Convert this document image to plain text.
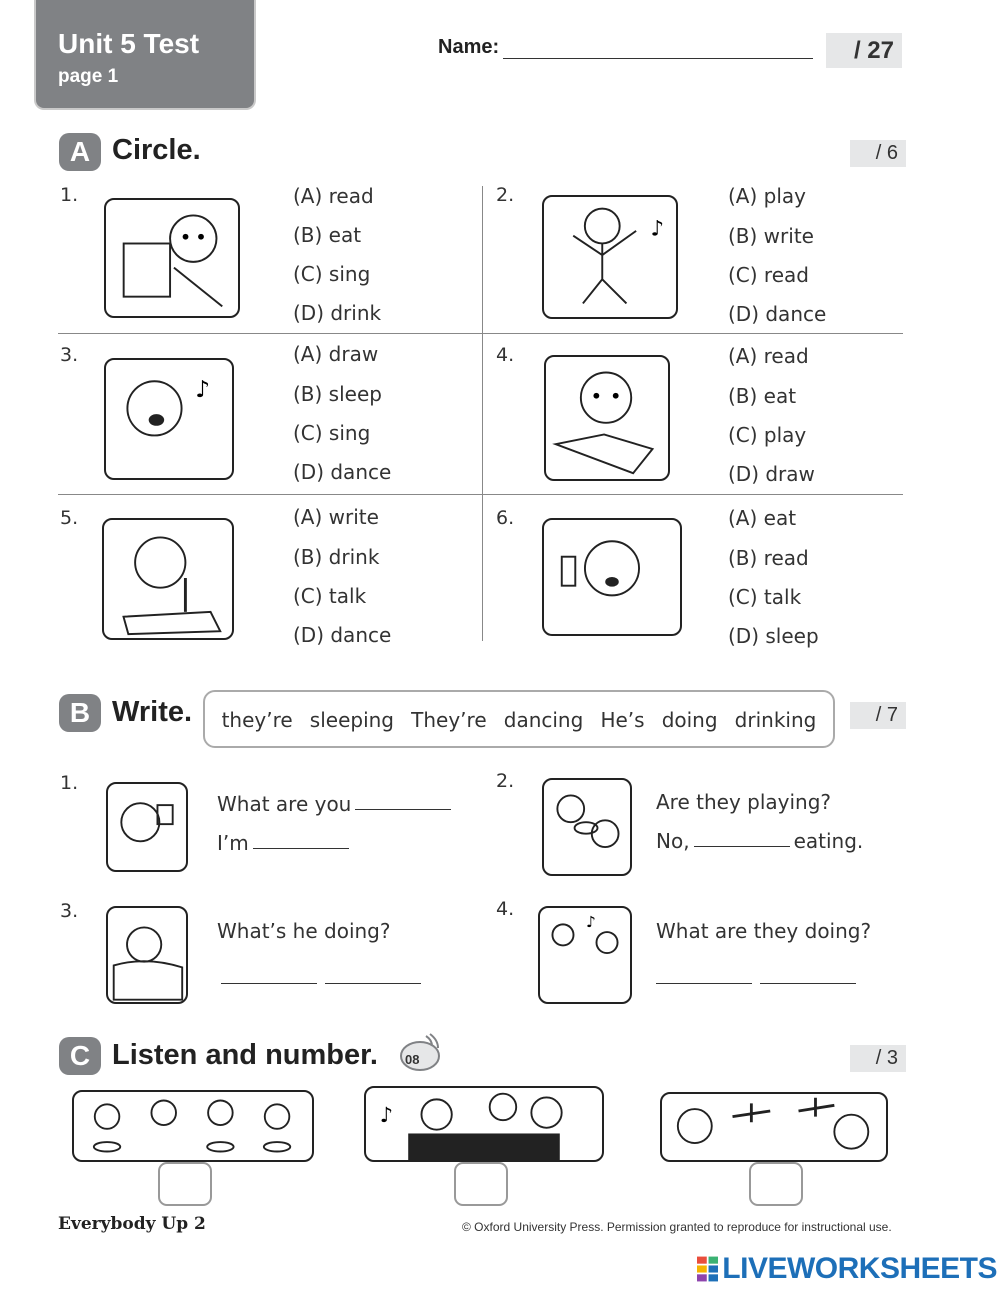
Unit 5 Test
page 1
Name:	/ 27
A Circle.	/ 6
1.	(A) read
(B) eat
(C) sing
(D) drink
2.
♪
(A) play
(B) write
(C) read
(D) dance
3.
♪
(A) draw
(B) sleep
(C) sing
(D) dance
4.	(A) read
(B) eat
(C) play
(D) draw
5.	(A) write
(B) drink
(C) talk
(D) dance
6.	(A) eat
(B) read
(C) talk
(D) sleep
B Write.	/ 7
they’re sleeping They’re dancing He’s doing drinking
1.
What are you
I’m
2.
Are they playing?
No,	eating.
3.
What’s he doing?
4.
♪	What are they doing?
C Listen and number.	/ 3
08
♪
Everybody Up 2	© Oxford University Press. Permission granted to reproduce for instructional use.
LIVEWORKSHEETS
